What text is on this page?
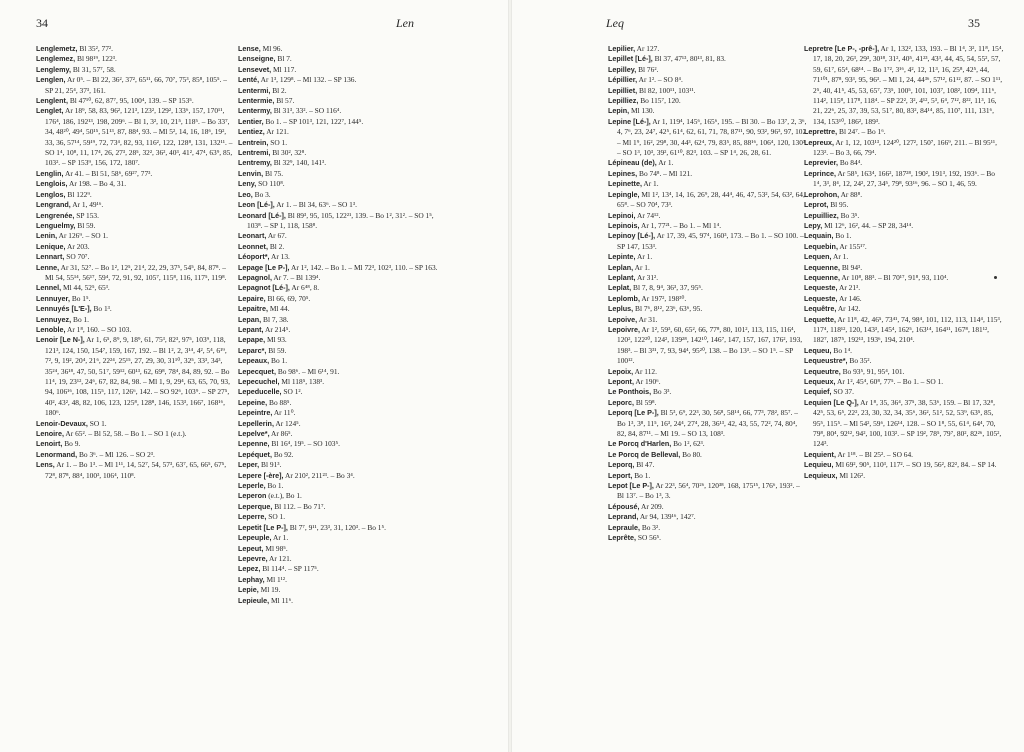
34	Len
Lenglemetz, Bl 35², 77².
Lenglemez, Bl 98¹⁹, 122³.
Lenglemy, Bl 31, 57⁷, 58.
Lenglen, Ar 0⁵. – Bl 22, 36², 37², 65¹¹, 66, 70⁷, 75³, 85⁸, 105⁵. – SP 21, 25⁴, 37³, 161.
Lenglent, Bl 47¹⁰, 62, 87⁷, 95, 100⁴, 139. – SP 153⁵.
Lenglet, Ar 18⁹, 58, 83, 96², 121³, 123², 129², 133⁶, 157, 170¹¹, 176⁴, 186, 192¹³, 198, 209⁶. – Bl 1, 3², 10, 21⁵, 118⁵. – Bo 33⁷, 34, 48²⁰, 49⁴, 50¹⁵, 51¹³, 87, 88⁴, 93. – Ml 5², 14, 16, 18⁶, 19², 33, 36, 57¹⁴, 59¹⁹, 72, 73⁴, 82, 93, 116², 122, 128⁸, 131, 132¹¹. – SO 1⁴, 10⁸, 11, 17⁴, 26, 27³, 28⁵, 32², 36², 40³, 41², 47⁴, 63⁹, 85, 103². – SP 153⁹, 156, 172, 180⁷.
Lenglin, Ar 41. – Bl 51, 58⁶, 69²⁷, 77³.
Lenglois, Ar 198. – Bo 4, 31.
Lenglos, Bl 122⁹.
Lengrand, Ar 1, 49¹⁶.
Lengrenée, SP 153.
Lenguelmy, Bl 59.
Lenin, Ar 126⁹. – SO 1.
Lenique, Ar 203.
Lennart, SO 70⁷.
Lenne, Ar 31, 52⁷. – Bo 1², 12⁵, 21⁴, 22, 29, 37⁵, 54⁵, 84, 87⁸. – Ml 54, 55¹⁴, 56¹⁷, 59⁴, 72, 91, 92, 105⁷, 115⁸, 116, 117⁵, 119⁸.
Lennel, Ml 44, 52⁵, 65³.
Lennuyer, Bo 1⁵.
Lennuyés [L'E-], Bo 1³.
Lennuyez, Bo 1.
Lenoble, Ar 1⁸, 160. – SO 103.
Lenoir [Le N-], Ar 1, 6⁵, 8⁹, 9, 18⁹, 61, 75³, 82³, 97⁵, 103⁹, 118, 121³, 124, 150, 154⁷, 159, 167, 192. – Bl 1², 2, 3¹⁴, 4², 5⁴, 6¹⁹, 7², 9, 19², 20⁴, 21⁶, 22²⁴, 25¹⁵, 27, 29, 30, 31¹⁰, 32⁵, 33³, 34³, 35²⁴, 36¹⁸, 47, 50, 51⁷, 59¹², 60¹³, 62, 69⁸, 78⁴, 84, 89, 92. – Bo 11⁴, 19, 23¹², 24⁶, 67, 82, 84, 98. – Ml 1, 9, 29⁴, 63, 65, 70, 93, 94, 106¹⁶, 108, 115⁵, 117, 126⁶, 142. – SO 92⁶, 103⁹. – SP 27⁵, 40², 43², 48, 82, 106, 123, 125⁸, 128⁸, 146, 153³, 166⁷, 168¹⁶, 180⁶.
Lenoir-Devaux, SO 1.
Lenoire, Ar 65². – Bl 52, 58. – Bo 1. – SO 1 (e.t.).
Lenoirt, Bo 9.
Lenormand, Bo 3⁶. – Ml 126. – SO 2³.
Lens, Ar 1. – Bo 1³. – Ml 1¹¹, 14, 52⁷, 54, 57³, 63⁷, 65, 66⁵, 67⁵, 72⁸, 87⁸, 88⁴, 100³, 106⁴, 110⁸.
Lense, Ml 96.
Lenseigne, Bl 7.
Lensevet, Ml 117.
Lenté, Ar 1³, 129⁸. – Ml 132. – SP 136.
Lentermi, Bl 2.
Lentermie, Bl 57.
Lentermy, Bl 31³, 33². – SO 116⁴.
Lentier, Bo 1. – SP 101³, 121, 122⁷, 144⁵.
Lentiez, Ar 121.
Lentrein, SO 1.
Lentremi, Bl 30², 32⁸.
Lentremy, Bl 32⁹, 140, 141³.
Lenvin, Bl 75.
Leny, SO 110⁸.
Leo, Bo 3.
Leon [Lé-], Ar 1. – Bl 34, 63⁶. – SO 1³.
Leonard [Lé-], Bl 89³, 95, 105, 122²¹, 139. – Bo 1², 31². – SO 1⁵, 103⁸. – SP 1, 118, 158⁸.
Leonart, Ar 67.
Leonnet, Bl 2.
Léoport*, Ar 13.
Lepage [Le P-], Ar 1², 142. – Bo 1. – Ml 72³, 102³, 110. – SP 163.
Lepagnol, Ar 7. – Bl 139⁴.
Lepagnot [Lé-], Ar 6⁴⁸, 8.
Lepaire, Bl 66, 69, 70⁵.
Lepaitre, Ml 44.
Lepan, Bl 7, 38.
Lepant, Ar 214⁵.
Lepape, Ml 93.
Leparc*, Bl 59.
Lepeaux, Bo 1.
Lepecquet, Bo 98⁶. – Ml 6¹⁴, 91.
Lepecuchel, Ml 118⁵, 138³.
Lepeducelle, SO 1².
Lepeine, Bo 88⁵.
Lepeintre, Ar 11⁰.
Lepellerin, Ar 124⁵.
Lepelve*, Ar 86⁵.
Lepenne, Bl 16⁴, 19⁵. – SO 103⁵.
Lepéquet, Bo 92.
Leper, Bl 91³.
Lepere [-ère], Ar 210², 211²³. – Bo 3⁴.
Leperle, Bo 1.
Leperon (e.t.), Bo 1.
Leperque, Bl 112. – Bo 71⁷.
Leperre, SO 1.
Lepetit [Le P-], Bl 7⁷, 9¹¹, 23³, 31, 120³. – Bo 1⁵.
Lepeuple, Ar 1.
Lepeut, Ml 98⁵.
Lepevre, Ar 121.
Lepez, Bl 114⁴. – SP 117⁵.
Lephay, Ml 1¹².
Lepie, Ml 19.
Lepieule, Ml 11⁶.
Leq	35
Lepilier, Ar 127.
Lepillet [Lé-], Bl 37, 47¹³, 80¹³, 81, 83.
Lepilley, Bl 76².
Lépillier, Ar 1². – SO 8⁴.
Lepilliet, Bl 82, 100¹¹, 103¹¹.
Lepilliez, Bo 115⁷, 120.
Lepin, Ml 130.
Lepine [Lé-], Ar 1, 119⁴, 145⁶, 165⁶, 195. – Bl 30. – Bo 13⁷, 2, 3⁶, 4, 7⁶, 23, 24⁷, 42⁵, 61⁴, 62, 61, 71, 78, 87¹¹, 90, 93², 96³, 97, 102. – Ml 1⁹, 16², 29⁸, 30, 44³, 62⁴, 79, 83⁵, 85, 88¹⁶, 106⁴, 120, 130³. – SO 1³, 10³, 39², 61¹⁰, 82³, 103. – SP 1⁴, 26, 28, 61.
Lépineau (de), Ar 1.
Lepines, Bo 74⁸. – Ml 121.
Lepinette, Ar 1.
Lepingle, Ml 1², 13⁴, 14, 16, 26⁹, 28, 44⁴, 46, 47, 53², 54, 63², 64, 65⁸. – SO 70⁴, 73³.
Lepinoi, Ar 74¹².
Lepinois, Ar 1, 77²¹. – Bo 1. – Ml 1⁴.
Lepinoy [Lé-], Ar 17, 39, 45, 97⁴, 160³, 173. – Bo 1. – SO 100. – SP 147, 153³.
Lepinte, Ar 1.
Leplan, Ar 1.
Leplant, Ar 31².
Leplat, Bl 7, 8, 9⁴, 36³, 37, 95⁵.
Leplomb, Ar 197², 198³⁰.
Leplus, Bl 7⁶, 8¹², 23⁶, 63⁶, 95.
Lepoive, Ar 31.
Lepoivre, Ar 1², 59³, 60, 65², 66, 77⁸, 80, 101², 113, 115, 116⁴, 120², 122²⁰, 124², 139²⁸, 142¹⁰, 146⁷, 147, 157, 167, 176², 193, 198³. – Bl 3³¹, 7, 93, 94⁴, 95²⁰, 138. – Bo 13³. – SO 1⁵. – SP 100¹².
Lepoix, Ar 112.
Lepont, Ar 190⁶.
Le Ponthois, Bo 3³.
Leporc, Bl 59⁸.
Leporq [Le P-], Bl 5³, 6⁹, 22³, 30, 56⁸, 58¹⁴, 66, 77³, 78², 85⁷. – Bo 1³, 3⁸, 11⁵, 16³, 24⁴, 27⁴, 28, 36¹³, 42, 43, 55, 72², 74, 80⁴, 82, 84, 87¹¹. – Ml 19. – SO 13, 108³.
Le Porcq d'Harlen, Bo 1², 62³.
Le Porcq de Belleval, Bo 80.
Leporq, Bl 47.
Leport, Bo 1.
Lepot [Le P-], Ar 22³, 56⁴, 70²⁶, 120³⁸, 168, 175¹⁵, 176⁶, 193². – Bl 13⁷. – Bo 1³, 3.
Lépousé, Ar 209.
Leprand, Ar 94, 139¹⁶, 142⁷.
Lepraule, Bo 3².
Leprête, SO 56⁵.
Lepretre [Le P-, -prê-], Ar 1, 132², 133, 193. – Bl 1⁴, 3², 11⁸, 15⁴, 17, 18, 20, 26³, 29³, 30¹⁸, 31², 40⁵, 41²³, 43³, 44, 45, 54, 55², 57, 59, 61⁷, 65⁴, 68¹⁴. – Bo 1⁷², 3¹⁶, 4², 12, 11³, 16, 25⁸, 42⁵, 44, 71¹⁰¹, 87⁸, 93³, 95, 96³. – Ml 1, 24, 44³⁶, 57¹², 61¹², 87. – SO 1¹¹, 2⁵, 40, 41⁵, 45, 53, 65⁷, 73⁵, 100⁵, 101, 103⁷, 108², 109⁴, 111⁶, 114², 115⁸, 117⁸, 118⁴. – SP 22², 3², 4¹², 5³, 6⁴, 7¹², 8²², 11³, 16, 21, 22⁶, 25, 37, 39, 53, 51⁷, 80, 83², 84¹⁴, 85, 110⁷, 111, 131⁶, 134, 153¹⁰, 186², 189³.
Leprettre, Bl 24⁷. – Bo 1⁶.
Lepreux, Ar 1, 12, 103¹³, 124²⁰, 127², 150⁷, 166⁹, 211. – Bl 95¹¹, 123². – Bo 3, 66, 79⁴.
Leprevier, Bo 84⁴.
Leprince, Ar 58⁵, 163⁴, 166², 187²⁸, 190², 191³, 192, 193⁶. – Bo 1⁴, 3³, 8⁴, 12, 24², 27, 34⁵, 79⁸, 93¹⁶, 96. – SO 1, 46, 59.
Leprohon, Ar 88⁸.
Leprot, Bl 95.
Lepuilliez, Bo 3⁵.
Lepy, Ml 12⁶, 16², 44. – SP 28, 34¹⁴.
Lequain, Bo 1.
Lequebin, Ar 155¹⁷.
Lequen, Ar 1.
Lequenne, Bl 94³.
Lequenne, Ar 10⁸, 88³. – Bl 70¹⁷, 91⁸, 93, 110⁴.
Lequeste, Ar 21³.
Lequeste, Ar 146.
Lequêtre, Ar 142.
Lequette, Ar 11⁸, 42, 46⁵, 73⁴¹, 74, 98⁴, 101, 112, 113, 114⁴, 115³, 117⁴, 118¹², 120, 143³, 145⁴, 162⁵, 163¹⁴, 164¹¹, 167⁸, 181¹², 182⁷, 187⁵, 192¹³, 193⁶, 194, 210⁴.
Lequeu, Bo 1⁴.
Lequeustre*, Bo 35².
Lequeutre, Bo 93⁵, 91, 95⁴, 101.
Lequeux, Ar 1², 45⁴, 60⁸, 77⁵. – Bo 1. – SO 1.
Lequief, SO 37.
Lequien [Le Q-], Ar 1⁸, 35, 36⁴, 37⁵, 38, 53⁶, 159. – Bl 17, 32⁸, 42⁵, 53, 6⁵, 22², 23, 30, 32, 34, 35⁶, 36², 51², 52, 53⁹, 63⁵, 85, 95⁵, 115⁵. – Ml 54², 59⁶, 126¹⁴, 128. – SO 1⁸, 55, 61⁴, 64⁴, 70, 79⁸, 80⁴, 92¹², 94², 100, 103². – SP 19², 78⁵, 79⁷, 80², 82²⁶, 105², 124³.
Lequient, Ar 1¹⁸. – Bl 25². – SO 64.
Lequieu, Ml 69², 90⁵, 110³, 117². – SO 19, 56², 82², 84. – SP 14.
Lequieux, Ml 126².
